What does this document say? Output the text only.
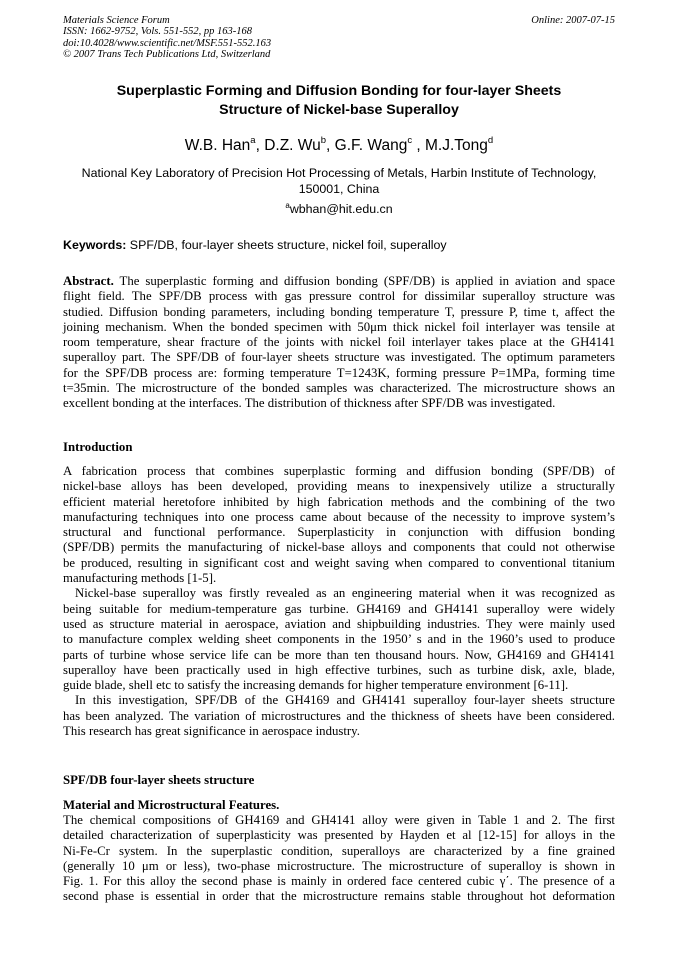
Materials Science Forum
ISSN: 1662-9752, Vols. 551-552, pp 163-168
doi:10.4028/www.scientific.net/MSF.551-552.163
© 2007 Trans Tech Publications Ltd, Switzerland
Online: 2007-07-15
Superplastic Forming and Diffusion Bonding for four-layer Sheets
Structure of Nickel-base Superalloy
W.B. Han$^a$, D.Z. Wu$^b$, G.F. Wang$^c$ , M.J.Tong$^d$
National Key Laboratory of Precision Hot Processing of Metals, Harbin Institute of Technology,
150001, China
$^a$wbhan@hit.edu.cn
Keywords: SPF/DB, four-layer sheets structure, nickel foil, superalloy
Abstract. The superplastic forming and diffusion bonding (SPF/DB) is applied in aviation and space
flight field. The SPF/DB process with gas pressure control for dissimilar superalloy structure was
studied. Diffusion bonding parameters, including bonding temperature T, pressure P, time t, affect the
joining mechanism. When the bonded specimen with 50μm thick nickel foil interlayer was tensile at
room temperature, shear fracture of the joints with nickel foil interlayer takes place at the GH4141
superalloy part. The SPF/DB of four-layer sheets structure was investigated. The optimum parameters
for the SPF/DB process are: forming temperature T=1243K, forming pressure P=1MPa, forming time
t=35min. The microstructure of the bonded samples was characterized. The microstructure shows an
excellent bonding at the interfaces. The distribution of thickness after SPF/DB was investigated.
Introduction
A fabrication process that combines superplastic forming and diffusion bonding (SPF/DB) of
nickel-base alloys has been developed, providing means to inexpensively utilize a structurally
efficient material heretofore inhibited by high fabrication methods and the combining of the two
manufacturing techniques into one process came about because of the necessity to improve system’s
structural and functional performance. Superplasticity in conjunction with diffusion bonding
(SPF/DB) permits the manufacturing of nickel-base alloys and components that could not otherwise
be produced, resulting in significant cost and weight saving when compared to conventional titanium
manufacturing methods [1-5].
Nickel-base superalloy was firstly revealed as an engineering material when it was recognized as
being suitable for medium-temperature gas turbine. GH4169 and GH4141 superalloy were widely
used as structure material in aerospace, aviation and shipbuilding industries. They were mainly used
to manufacture complex welding sheet components in the 1950’ s and in the 1960’s used to produce
parts of turbine whose service life can be more than ten thousand hours. Now, GH4169 and GH4141
superalloy have been practically used in high effective turbines, such as turbine disk, axle, blade,
guide blade, shell etc to satisfy the increasing demands for higher temperature environment [6-11].
In this investigation, SPF/DB of the GH4169 and GH4141 superalloy four-layer sheets structure
has been analyzed. The variation of microstructures and the thickness of sheets have been considered.
This research has great significance in aerospace industry.
SPF/DB four-layer sheets structure
Material and Microstructural Features.
The chemical compositions of GH4169 and GH4141 alloy were given in Table 1 and 2. The first
detailed characterization of superplasticity was presented by Hayden et al [12-15] for alloys in the
Ni-Fe-Cr system. In the superplastic condition, superalloys are characterized by a fine grained
(generally 10 μm or less), two-phase microstructure. The microstructure of superalloy is shown in
Fig. 1. For this alloy the second phase is mainly in ordered face centered cubic γ΄. The presence of a
second phase is essential in order that the microstructure remains stable throughout hot deformation
